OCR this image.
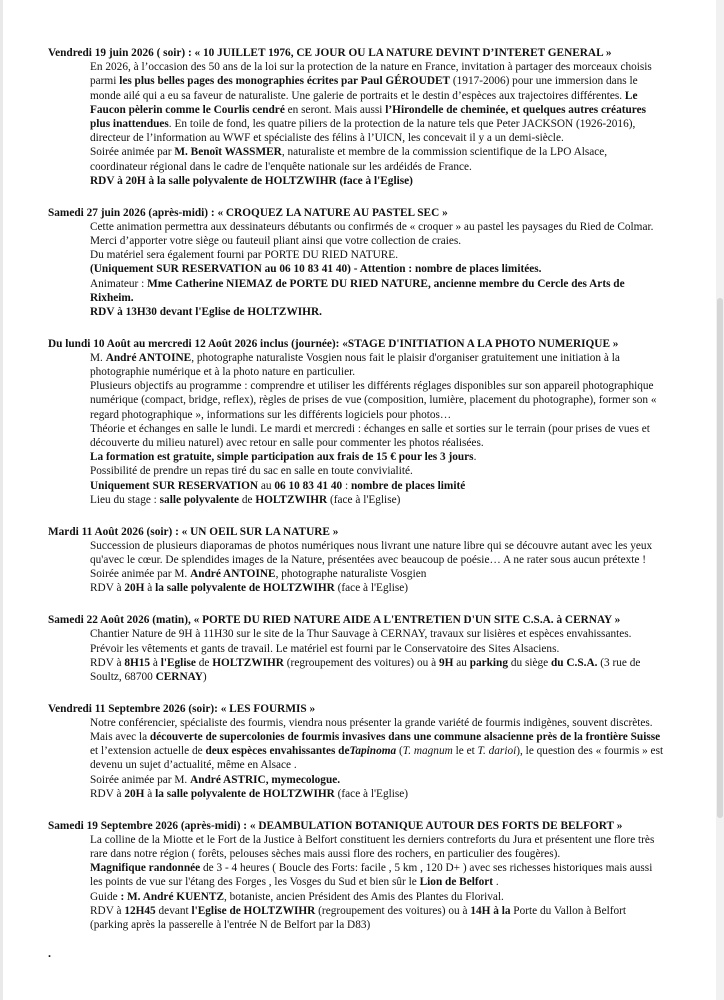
Vendredi 19 juin 2026 ( soir) : « 10 JUILLET 1976, CE JOUR OU LA NATURE DEVINT D’INTERET GENERAL »

En 2026, à l’occasion des 50 ans de la loi sur la protection de la nature en France, invitation à partager des morceaux choisis parmi les plus belles pages des monographies écrites par Paul GÉROUDET (1917-2006) pour une immersion dans le monde ailé qui a eu sa faveur de naturaliste. Une galerie de portraits et le destin d’espèces aux trajectoires différentes. Le Faucon pèlerin comme le Courlis cendré en seront. Mais aussi l’Hirondelle de cheminée, et quelques autres créatures plus inattendues. En toile de fond, les quatre piliers de la protection de la nature tels que Peter JACKSON (1926-2016), directeur de l’information au WWF et spécialiste des félins à l’UICN, les concevait il y a un demi-siècle.

Soirée animée par M. Benoît WASSMER, naturaliste et membre de la commission scientifique de la LPO Alsace, coordinateur régional dans le cadre de l'enquête nationale sur les ardéidés de France.

RDV à 20H à la salle polyvalente de HOLTZWIHR (face à l'Eglise)

Samedi 27 juin 2026 (après-midi) : « CROQUEZ LA NATURE AU PASTEL SEC »

Cette animation permettra aux dessinateurs débutants ou confirmés de « croquer » au pastel les paysages du Ried de Colmar. Merci d’apporter votre siège ou fauteuil pliant ainsi que votre collection de craies.

Du matériel sera également fourni par PORTE DU RIED NATURE.

(Uniquement SUR RESERVATION au 06 10 83 41 40) - Attention : nombre de places limitées.

Animateur : Mme Catherine NIEMAZ de PORTE DU RIED NATURE, ancienne membre du Cercle des Arts de Rixheim.

RDV à 13H30 devant l'Eglise de HOLTZWIHR.

Du lundi 10 Août au mercredi 12 Août 2026 inclus (journée): «STAGE D'INITIATION A LA PHOTO NUMERIQUE »

M. André ANTOINE, photographe naturaliste Vosgien nous fait le plaisir d'organiser gratuitement une initiation à la photographie numérique et à la photo nature en particulier.

Plusieurs objectifs au programme : comprendre et utiliser les différents réglages disponibles sur son appareil photographique numérique (compact, bridge, reflex), règles de prises de vue (composition, lumière, placement du photographe), former son « regard photographique », informations sur les différents logiciels pour photos…

Théorie et échanges en salle le lundi. Le mardi et mercredi : échanges en salle et sorties sur le terrain (pour prises de vues et découverte du milieu naturel) avec retour en salle pour commenter les photos réalisées.

La formation est gratuite, simple participation aux frais de 15 € pour les 3 jours.

Possibilité de prendre un repas tiré du sac en salle en toute convivialité.

Uniquement SUR RESERVATION au 06 10 83 41 40 : nombre de places limité

Lieu du stage : salle polyvalente de HOLTZWIHR (face à l'Eglise)

Mardi 11 Août 2026 (soir) : « UN OEIL SUR LA NATURE »

Succession de plusieurs diaporamas de photos numériques nous livrant une nature libre qui se découvre autant avec les yeux qu'avec le cœur. De splendides images de la Nature, présentées avec beaucoup de poésie… A ne rater sous aucun prétexte !

Soirée animée par M. André ANTOINE, photographe naturaliste Vosgien

RDV à 20H à la salle polyvalente de HOLTZWIHR (face à l'Eglise)

Samedi 22 Août 2026 (matin), « PORTE DU RIED NATURE AIDE A L'ENTRETIEN D'UN SITE C.S.A. à CERNAY »

Chantier Nature de 9H à 11H30 sur le site de la Thur Sauvage à CERNAY, travaux sur lisières et espèces envahissantes. Prévoir les vêtements et gants de travail. Le matériel est fourni par le Conservatoire des Sites Alsaciens.

RDV à 8H15 à l'Eglise de HOLTZWIHR (regroupement des voitures) ou à 9H au parking du siège du C.S.A. (3 rue de Soultz, 68700 CERNAY)

Vendredi 11 Septembre 2026 (soir): « LES FOURMIS »

Notre conférencier, spécialiste des fourmis, viendra nous présenter la grande variété de fourmis indigènes, souvent discrètes. Mais avec la découverte de supercolonies de fourmis invasives dans une commune alsacienne près de la frontière Suisse et l’extension actuelle de deux espèces envahissantes deTapinoma (T. magnum le et T. darioi), le question des « fourmis » est devenu un sujet d’actualité, même en Alsace .

Soirée animée par M. André ASTRIC, mymecologue.

RDV à 20H à la salle polyvalente de HOLTZWIHR (face à l'Eglise)

Samedi 19 Septembre 2026 (après-midi) : « DEAMBULATION BOTANIQUE AUTOUR DES FORTS DE BELFORT »

La colline de la Miotte et le Fort de la Justice à Belfort constituent les derniers contreforts du Jura et présentent une flore très rare dans notre région ( forêts, pelouses sèches mais aussi flore des rochers, en particulier des fougères).

Magnifique randonnée de 3 - 4 heures ( Boucle des Forts: facile , 5 km , 120 D+ ) avec ses richesses historiques mais aussi les points de vue sur l'étang des Forges , les Vosges du Sud et bien sûr le Lion de Belfort .

Guide : M. André KUENTZ, botaniste, ancien Président des Amis des Plantes du Florival.

RDV à 12H45 devant l'Eglise de HOLTZWIHR (regroupement des voitures) ou à 14H à la Porte du Vallon à Belfort (parking après la passerelle à l'entrée N de Belfort par la D83)

.
